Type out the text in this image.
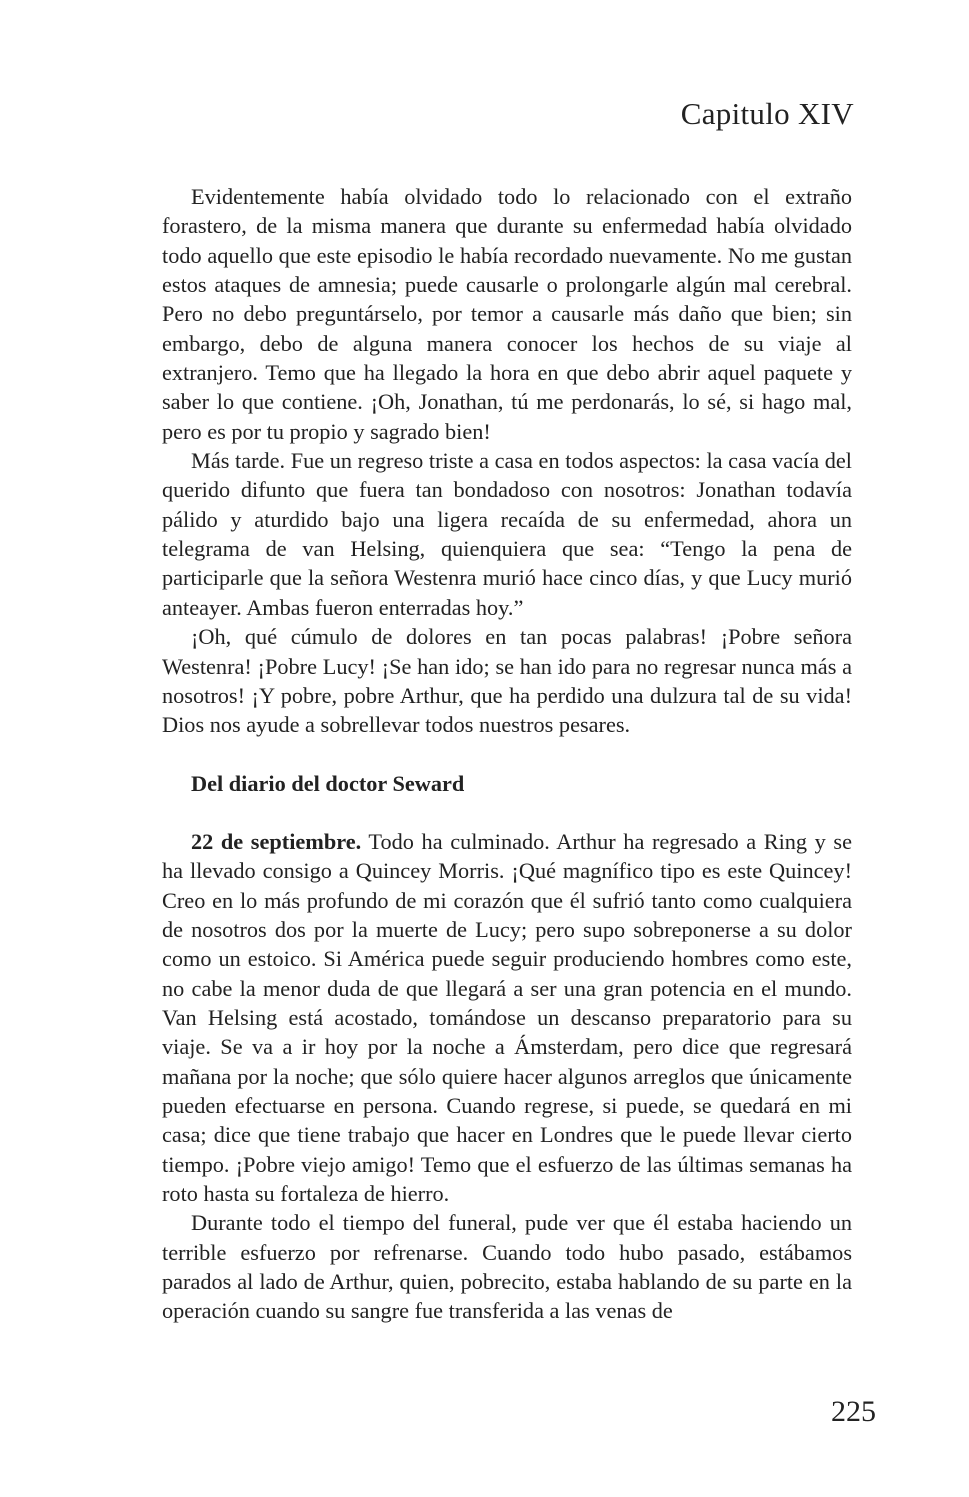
Capitulo XIV

Evidentemente había olvidado todo lo relacionado con el extraño forastero, de la misma manera que durante su enfermedad había olvidado todo aquello que este episodio le había recordado nuevamente. No me gustan estos ataques de amnesia; puede causarle o prolongarle algún mal cerebral. Pero no debo preguntárselo, por temor a causarle más daño que bien; sin embargo, debo de alguna manera conocer los hechos de su viaje al extranjero. Temo que ha llegado la hora en que debo abrir aquel paquete y saber lo que contiene. ¡Oh, Jonathan, tú me perdonarás, lo sé, si hago mal, pero es por tu propio y sagrado bien!

Más tarde. Fue un regreso triste a casa en todos aspectos: la casa vacía del querido difunto que fuera tan bondadoso con nosotros: Jonathan todavía pálido y aturdido bajo una ligera recaída de su enfermedad, ahora un telegrama de van Helsing, quienquiera que sea: “Tengo la pena de participarle que la señora Westenra murió hace cinco días, y que Lucy murió anteayer. Ambas fueron enterradas hoy.”

¡Oh, qué cúmulo de dolores en tan pocas palabras! ¡Pobre señora Westenra! ¡Pobre Lucy! ¡Se han ido; se han ido para no regresar nunca más a nosotros! ¡Y pobre, pobre Arthur, que ha perdido una dulzura tal de su vida! Dios nos ayude a sobrellevar todos nuestros pesares.

Del diario del doctor Seward

22 de septiembre. Todo ha culminado. Arthur ha regresado a Ring y se ha llevado consigo a Quincey Morris. ¡Qué magnífico tipo es este Quincey! Creo en lo más profundo de mi corazón que él sufrió tanto como cualquiera de nosotros dos por la muerte de Lucy; pero supo sobreponerse a su dolor como un estoico. Si América puede seguir produciendo hombres como este, no cabe la menor duda de que llegará a ser una gran potencia en el mundo. Van Helsing está acostado, tomándose un descanso preparatorio para su viaje. Se va a ir hoy por la noche a Ámsterdam, pero dice que regresará mañana por la noche; que sólo quiere hacer algunos arreglos que únicamente pueden efectuarse en persona. Cuando regrese, si puede, se quedará en mi casa; dice que tiene trabajo que hacer en Londres que le puede llevar cierto tiempo. ¡Pobre viejo amigo! Temo que el esfuerzo de las últimas semanas ha roto hasta su fortaleza de hierro.

Durante todo el tiempo del funeral, pude ver que él estaba haciendo un terrible esfuerzo por refrenarse. Cuando todo hubo pasado, estábamos parados al lado de Arthur, quien, pobrecito, estaba hablando de su parte en la operación cuando su sangre fue transferida a las venas de

225
